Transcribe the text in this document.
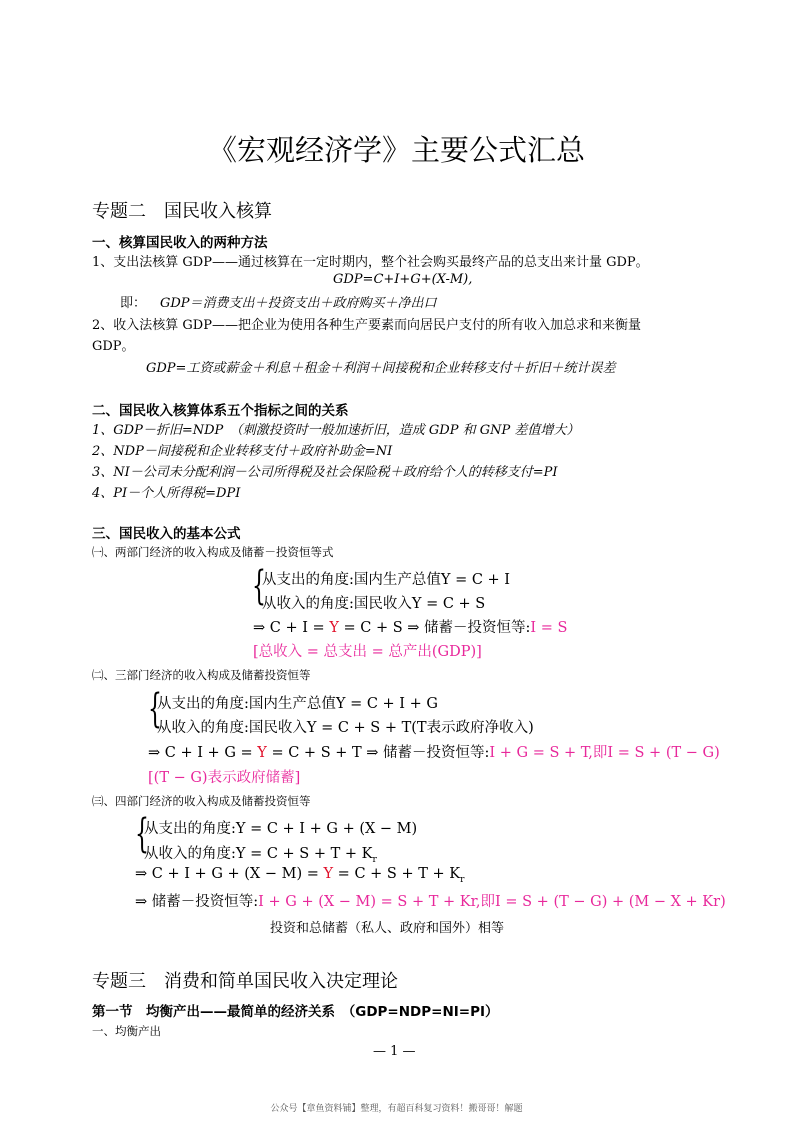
《宏观经济学》主要公式汇总
专题二　国民收入核算
一、核算国民收入的两种方法
1、支出法核算 GDP——通过核算在一定时期内，整个社会购买最终产品的总支出来计量 GDP。
GDP=C+I+G+(X-M),
即： GDP＝消费支出＋投资支出＋政府购买＋净出口
2、收入法核算 GDP——把企业为使用各种生产要素而向居民户支付的所有收入加总求和来衡量
GDP。
GDP=工资或薪金＋利息＋租金＋利润＋间接税和企业转移支付＋折旧＋统计误差
二、国民收入核算体系五个指标之间的关系
1、GDP－折旧=NDP　（刺激投资时一般加速折旧，造成 GDP 和 GNP 差值增大）
2、NDP－间接税和企业转移支付＋政府补助金=NI
3、NI－公司未分配利润－公司所得税及社会保险税＋政府给个人的转移支付=PI
4、PI－个人所得税=DPI
三、国民收入的基本公式
㈠、两部门经济的收入构成及储蓄－投资恒等式
{
从支出的角度:国内生产总值Y = C + I
从收入的角度:国民收入Y = C + S
⇒ C + I = Y = C + S ⇒ 储蓄－投资恒等:I = S
[总收入 = 总支出 = 总产出(GDP)]
㈡、三部门经济的收入构成及储蓄投资恒等
{
从支出的角度:国内生产总值Y = C + I + G
从收入的角度:国民收入Y = C + S + T(T表示政府净收入)
⇒ C + I + G = Y = C + S + T ⇒ 储蓄－投资恒等:I + G = S + T,即I = S + (T − G)
[(T − G)表示政府储蓄]
㈢、四部门经济的收入构成及储蓄投资恒等
{
从支出的角度:Y = C + I + G + (X − M)
从收入的角度:Y = $C + S + T + K_r$
⇒ $C + I + G + (X - M) = Y = C + S + T + K_r$
⇒ 储蓄－投资恒等:I + G + (X − M) = S + T + Kr,即I = S + (T − G) + (M − X + Kr)
投资和总储蓄（私人、政府和国外）相等
专题三　消费和简单国民收入决定理论
第一节　均衡产出——最简单的经济关系　（GDP=NDP=NI=PI）
一、均衡产出
— 1 —
公众号【章鱼资料铺】整理，有超百科复习资料！搬哥哥！解题
